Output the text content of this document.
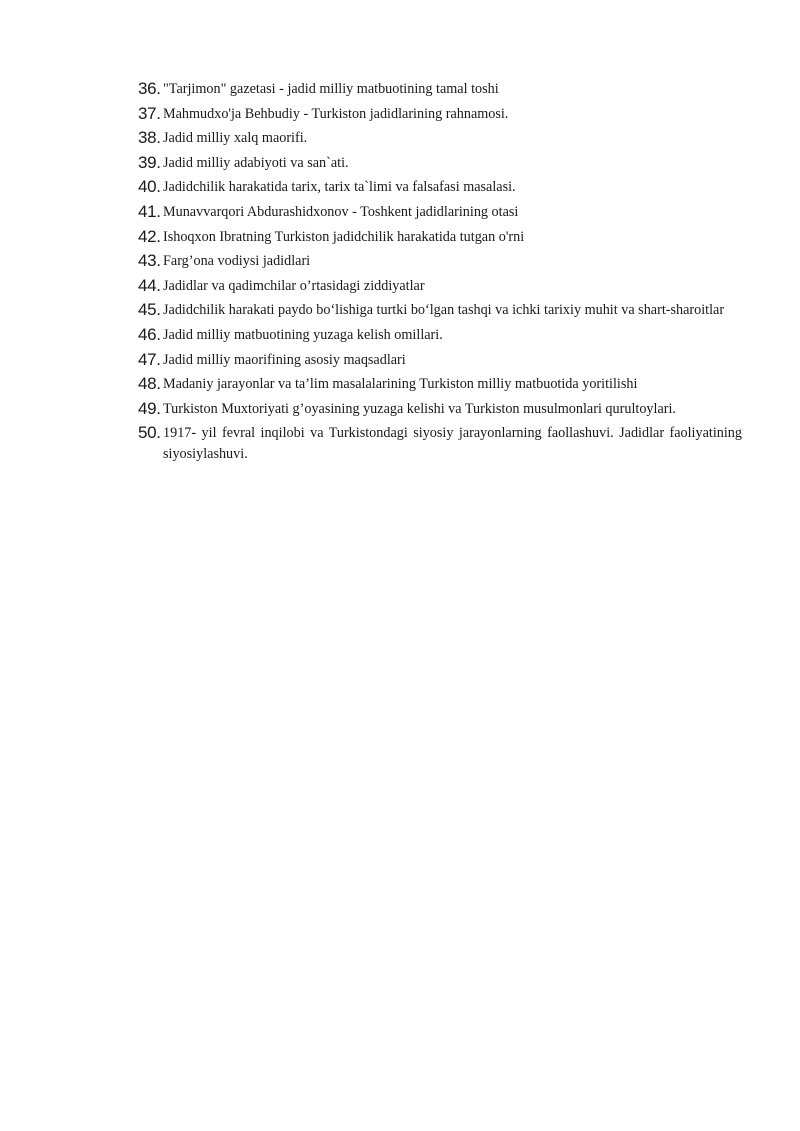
36. "Tarjimon" gazetasi - jadid milliy matbuotining tamal toshi
37. Mahmudxo'ja Behbudiy - Turkiston jadidlarining rahnamosi.
38. Jadid milliy xalq maorifi.
39. Jadid milliy adabiyoti va san`ati.
40. Jadidchilik harakatida tarix, tarix ta`limi va falsafasi masalasi.
41. Munavvarqori Abdurashidxonov - Toshkent jadidlarining otasi
42. Ishoqxon Ibratning Turkiston jadidchilik harakatida tutgan o'rni
43. Farg’ona vodiysi jadidlari
44. Jadidlar va qadimchilar o’rtasidagi ziddiyatlar
45. Jadidchilik harakati paydo bo‘lishiga turtki bo‘lgan tashqi va ichki tarixiy muhit va shart-sharoitlar
46. Jadid milliy matbuotining yuzaga kelish omillari.
47. Jadid milliy maorifining asosiy maqsadlari
48. Madaniy jarayonlar va ta’lim masalalarining Turkiston milliy matbuotida yoritilishi
49. Turkiston Muxtoriyati g’oyasining yuzaga kelishi va Turkiston musulmonlari qurultoylari.
50. 1917- yil fevral inqilobi va Turkistondagi siyosiy jarayonlarning faollashuvi. Jadidlar faoliyatining siyosiylashuvi.
